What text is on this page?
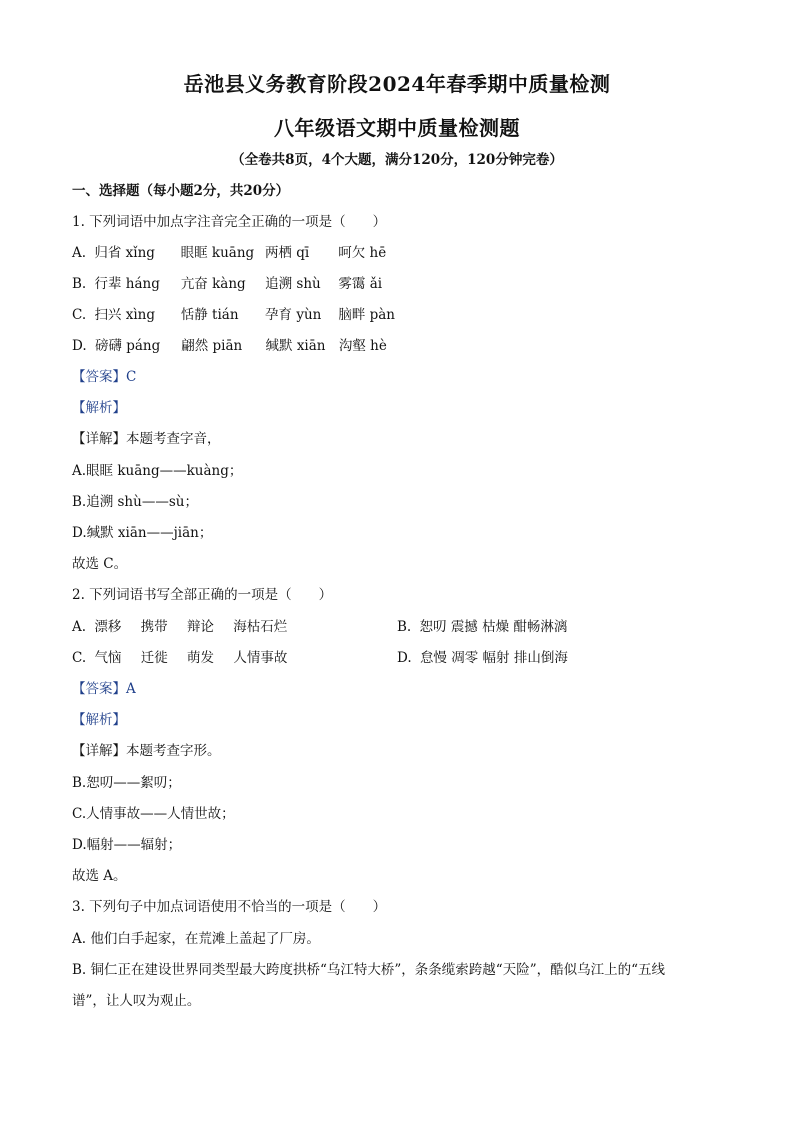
岳池县义务教育阶段2024年春季期中质量检测
八年级语文期中质量检测题
（全卷共8页，4个大题，满分120分，120分钟完卷）
一、选择题（每小题2分，共20分）
1. 下列词语中加点字注音完全正确的一项是（　　）
A. 归省 xǐng 眼眶 kuāng 两栖 qī 呵欠 hē
B. 行辈 háng 亢奋 kàng 追溯 shù 雾霭 ǎi
C. 扫兴 xìng 恬静 tián 孕育 yùn 脑畔 pàn
D. 磅礴 páng 翩然 piān 缄默 xiān 沟壑 hè
【答案】C
【解析】
【详解】本题考查字音，
A.眼眶 kuāng——kuàng；
B.追溯 shù——sù；
D.缄默 xiān——jiān；
故选 C。
2. 下列词语书写全部正确的一项是（　　）
A. 漂移 携带 辩论 海枯石烂	B. 恕叨 震撼 枯燥 酣畅淋漓
C. 气恼 迁徙 萌发 人情事故	D. 怠慢 凋零 幅射 排山倒海
【答案】A
【解析】
【详解】本题考查字形。
B.恕叨——絮叨；
C.人情事故——人情世故；
D.幅射——辐射；
故选 A。
3. 下列句子中加点词语使用不恰当的一项是（　　）
A. 他们白手起家，在荒滩上盖起了厂房。
B. 铜仁正在建设世界同类型最大跨度拱桥“乌江特大桥”，条条缆索跨越“天险”，酷似乌江上的“五线
谱”，让人叹为观止。
